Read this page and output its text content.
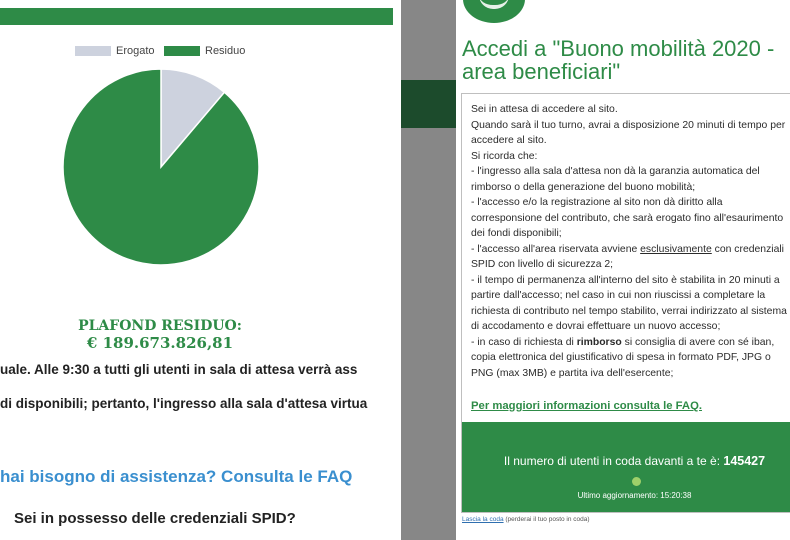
Erogato	Residuo
PLAFOND RESIDUO:
€ 189.673.826,81
uale. Alle 9:30 a tutti gli utenti in sala di attesa verrà ass
di disponibili; pertanto, l'ingresso alla sala d'attesa virtua
hai bisogno di assistenza? Consulta le FAQ
Sei in possesso delle credenziali SPID?
Accedi a "Buono mobilità 2020 - area beneficiari"

Sei in attesa di accedere al sito.

Quando sarà il tuo turno, avrai a disposizione 20 minuti di tempo per

accedere al sito.

Si ricorda che:

- l'ingresso alla sala d'attesa non dà la garanzia automatica del

rimborso o della generazione del buono mobilità;

- l'accesso e/o la registrazione al sito non dà diritto alla

corresponsione del contributo, che sarà erogato fino all'esaurimento

dei fondi disponibili;

- l'accesso all'area riservata avviene esclusivamente con credenziali

SPID con livello di sicurezza 2;

- il tempo di permanenza all'interno del sito è stabilita in 20 minuti a

partire dall'accesso; nel caso in cui non riuscissi a completare la

richiesta di contributo nel tempo stabilito, verrai indirizzato al sistema

di accodamento e dovrai effettuare un nuovo accesso;

- in caso di richiesta di rimborso si consiglia di avere con sé iban,

copia elettronica del giustificativo di spesa in formato PDF, JPG o

PNG (max 3MB) e partita iva dell'esercente;

Per maggiori informazioni consulta le FAQ.
Il numero di utenti in coda davanti a te è: 145427
Ultimo aggiornamento: 15:20:38
Lascia la coda (perderai il tuo posto in coda)
